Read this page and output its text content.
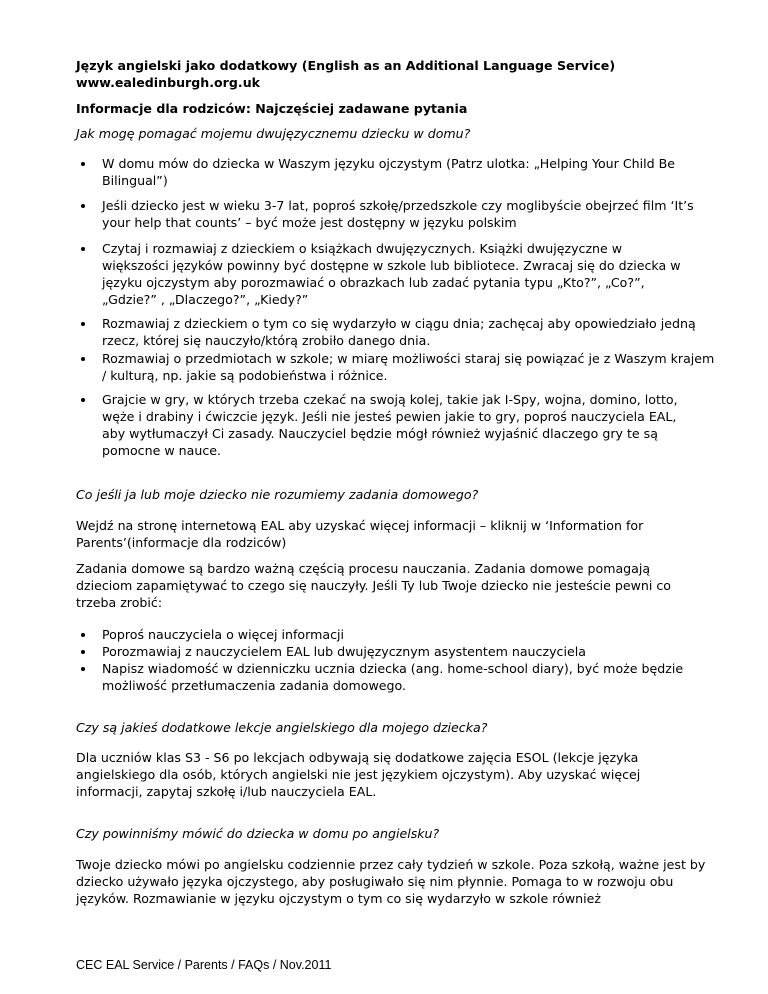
Język angielski jako dodatkowy (English as an Additional Language Service)
www.ealedinburgh.org.uk
Informacje dla rodziców: Najczęściej zadawane pytania
Jak mogę pomagać mojemu dwujęzycznemu dziecku w domu?
W domu mów do dziecka w Waszym języku ojczystym (Patrz ulotka: „Helping Your Child Be Bilingual”)
Jeśli dziecko jest w wieku 3-7 lat, poproś szkołę/przedszkole czy moglibyście obejrzeć film ‘It’s your help that counts’ – być może jest dostępny w języku polskim
Czytaj i rozmawiaj z dzieckiem o książkach dwujęzycznych. Książki dwujęzyczne w większości języków powinny być dostępne w szkole lub bibliotece. Zwracaj się do dziecka w języku ojczystym aby porozmawiać o obrazkach lub zadać pytania typu „Kto?”, „Co?”, „Gdzie?” , „Dlaczego?”, „Kiedy?”
Rozmawiaj z dzieckiem o tym co się wydarzyło w ciągu dnia; zachęcaj aby opowiedziało jedną rzecz, której się nauczyło/którą zrobiło danego dnia.
Rozmawiaj o przedmiotach w szkole; w miarę możliwości staraj się powiązać je z Waszym krajem / kulturą, np. jakie są podobieństwa i różnice.
Grajcie w gry, w których trzeba czekać na swoją kolej, takie jak I-Spy, wojna, domino, lotto, węże i drabiny i ćwiczcie język. Jeśli nie jesteś pewien jakie to gry, poproś nauczyciela EAL, aby wytłumaczył Ci zasady. Nauczyciel będzie mógł również wyjaśnić dlaczego gry te są pomocne w nauce.
Co jeśli ja lub moje dziecko nie rozumiemy zadania domowego?
Wejdź na stronę internetową EAL aby uzyskać więcej informacji – kliknij w ‘Information for Parents’(informacje dla rodziców)
Zadania domowe są bardzo ważną częścią procesu nauczania. Zadania domowe pomagają dzieciom zapamiętywać to czego się nauczyły. Jeśli Ty lub Twoje dziecko nie jesteście pewni co trzeba zrobić:
Poproś nauczyciela o więcej informacji
Porozmawiaj z nauczycielem EAL lub dwujęzycznym asystentem nauczyciela
Napisz wiadomość w dzienniczku ucznia dziecka (ang. home-school diary), być może będzie możliwość przetłumaczenia zadania domowego.
Czy są jakieś dodatkowe lekcje angielskiego dla mojego dziecka?
Dla uczniów klas S3 - S6 po lekcjach odbywają się dodatkowe zajęcia ESOL (lekcje języka angielskiego dla osób, których angielski nie jest językiem ojczystym). Aby uzyskać więcej informacji, zapytaj szkołę i/lub nauczyciela EAL.
Czy powinniśmy mówić do dziecka w domu po angielsku?
Twoje dziecko mówi po angielsku codziennie przez cały tydzień w szkole. Poza szkołą, ważne jest by dziecko używało języka ojczystego, aby posługiwało się nim płynnie. Pomaga to w rozwoju obu języków. Rozmawianie w języku ojczystym o tym co się wydarzyło w szkole również
CEC EAL Service / Parents / FAQs / Nov.2011
